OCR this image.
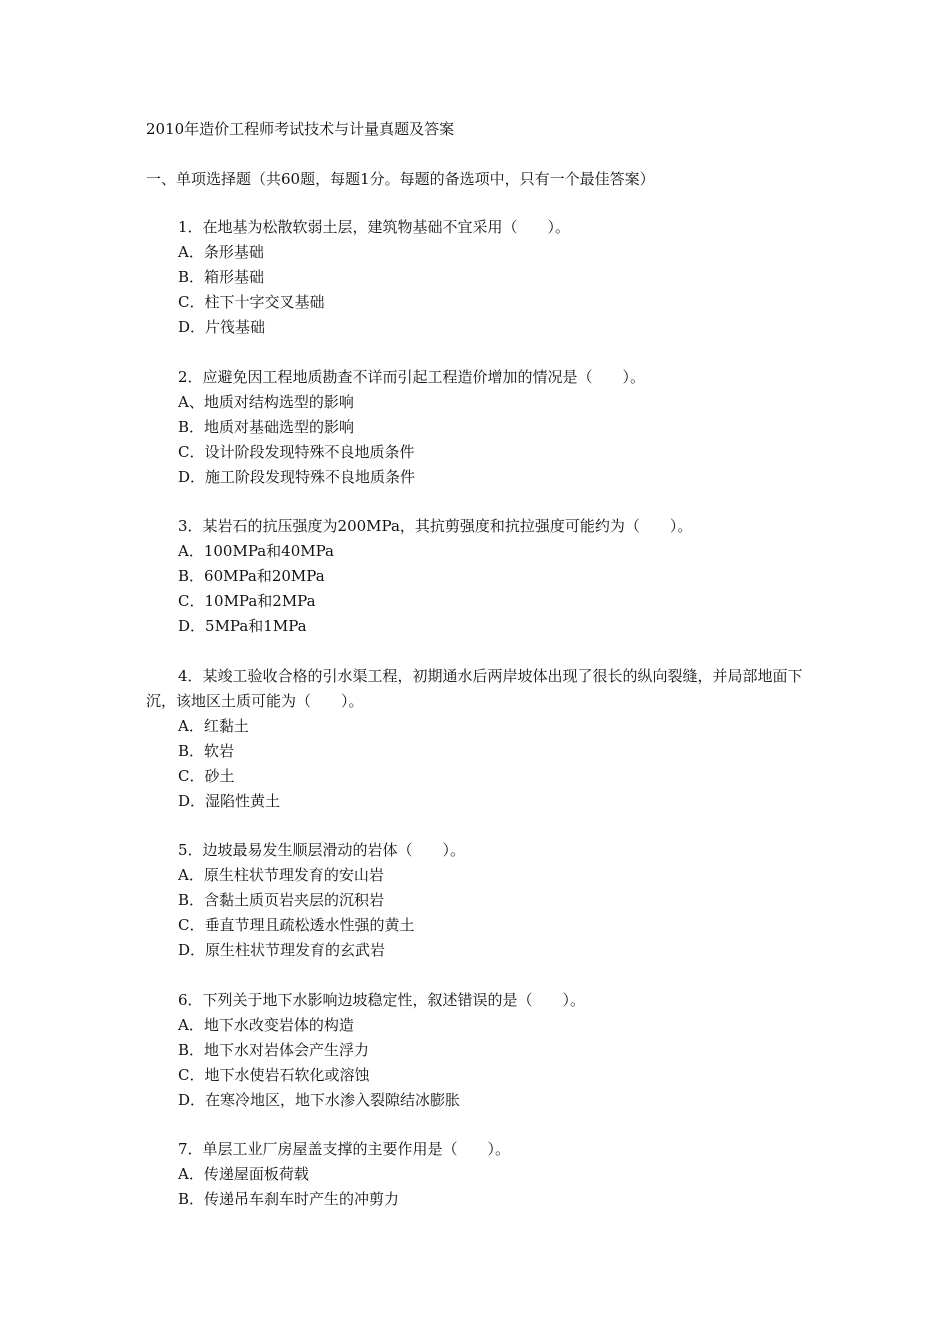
2010年造价工程师考试技术与计量真题及答案
一、单项选择题（共60题，每题1分。每题的备选项中，只有一个最佳答案）

1．在地基为松散软弱土层，建筑物基础不宜采用（　　）。

A．条形基础
B．箱形基础
C．柱下十字交叉基础
D．片筏基础

2．应避免因工程地质勘查不详而引起工程造价增加的情况是（　　）。

A、地质对结构选型的影响
B．地质对基础选型的影响
C．设计阶段发现特殊不良地质条件
D．施工阶段发现特殊不良地质条件

3．某岩石的抗压强度为200MPa，其抗剪强度和抗拉强度可能约为（　　）。

A．100MPa和40MPa
B．60MPa和20MPa
C．10MPa和2MPa
D．5MPa和1MPa

4．某竣工验收合格的引水渠工程，初期通水后两岸坡体出现了很长的纵向裂缝，并局部地面下沉，该地区土质可能为（　　）。

A．红黏土
B．软岩
C．砂土
D．湿陷性黄土

5．边坡最易发生顺层滑动的岩体（　　）。

A．原生柱状节理发育的安山岩
B．含黏土质页岩夹层的沉积岩
C．垂直节理且疏松透水性强的黄土
D．原生柱状节理发育的玄武岩

6．下列关于地下水影响边坡稳定性，叙述错误的是（　　）。

A．地下水改变岩体的构造
B．地下水对岩体会产生浮力
C．地下水使岩石软化或溶蚀
D．在寒冷地区，地下水渗入裂隙结冰膨胀

7．单层工业厂房屋盖支撑的主要作用是（　　）。

A．传递屋面板荷载
B．传递吊车刹车时产生的冲剪力
